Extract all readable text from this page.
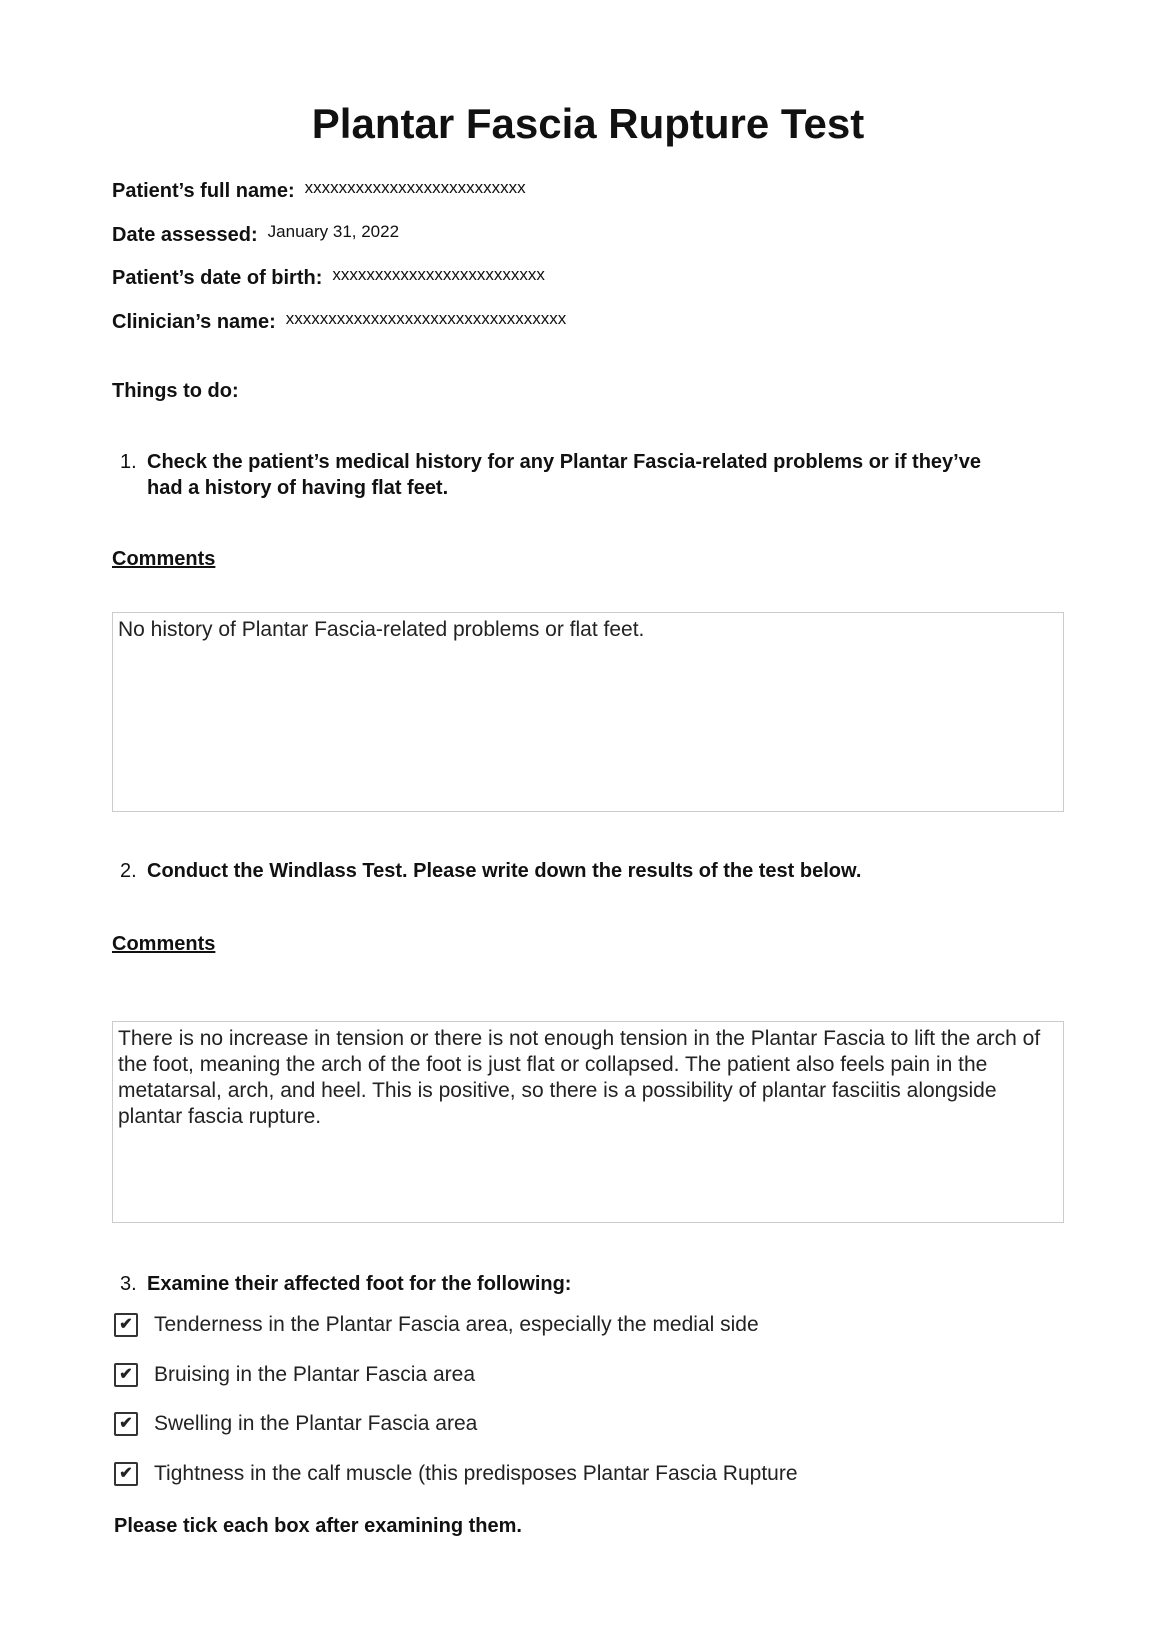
Plantar Fascia Rupture Test
Patient’s full name: $^{xxxxxxxxxxxxxxxxxxxxxxxxxx}$
Date assessed: $^{January 31, 2022}$
Patient’s date of birth: $^{xxxxxxxxxxxxxxxxxxxxxxxxx}$
Clinician’s name: $^{xxxxxxxxxxxxxxxxxxxxxxxxxxxxxxxxx}$
Things to do:
1. Check the patient’s medical history for any Plantar Fascia-related problems or if they’ve had a history of having flat feet.
Comments
No history of Plantar Fascia-related problems or flat feet.
2. Conduct the Windlass Test. Please write down the results of the test below.
Comments
There is no increase in tension or there is not enough tension in the Plantar Fascia to lift the arch of the foot, meaning the arch of the foot is just flat or collapsed. The patient also feels pain in the metatarsal, arch, and heel. This is positive, so there is a possibility of plantar fasciitis alongside plantar fascia rupture.
3. Examine their affected foot for the following:
✔ Tenderness in the Plantar Fascia area, especially the medial side
✔ Bruising in the Plantar Fascia area
✔ Swelling in the Plantar Fascia area
✔ Tightness in the calf muscle (this predisposes Plantar Fascia Rupture
Please tick each box after examining them.
